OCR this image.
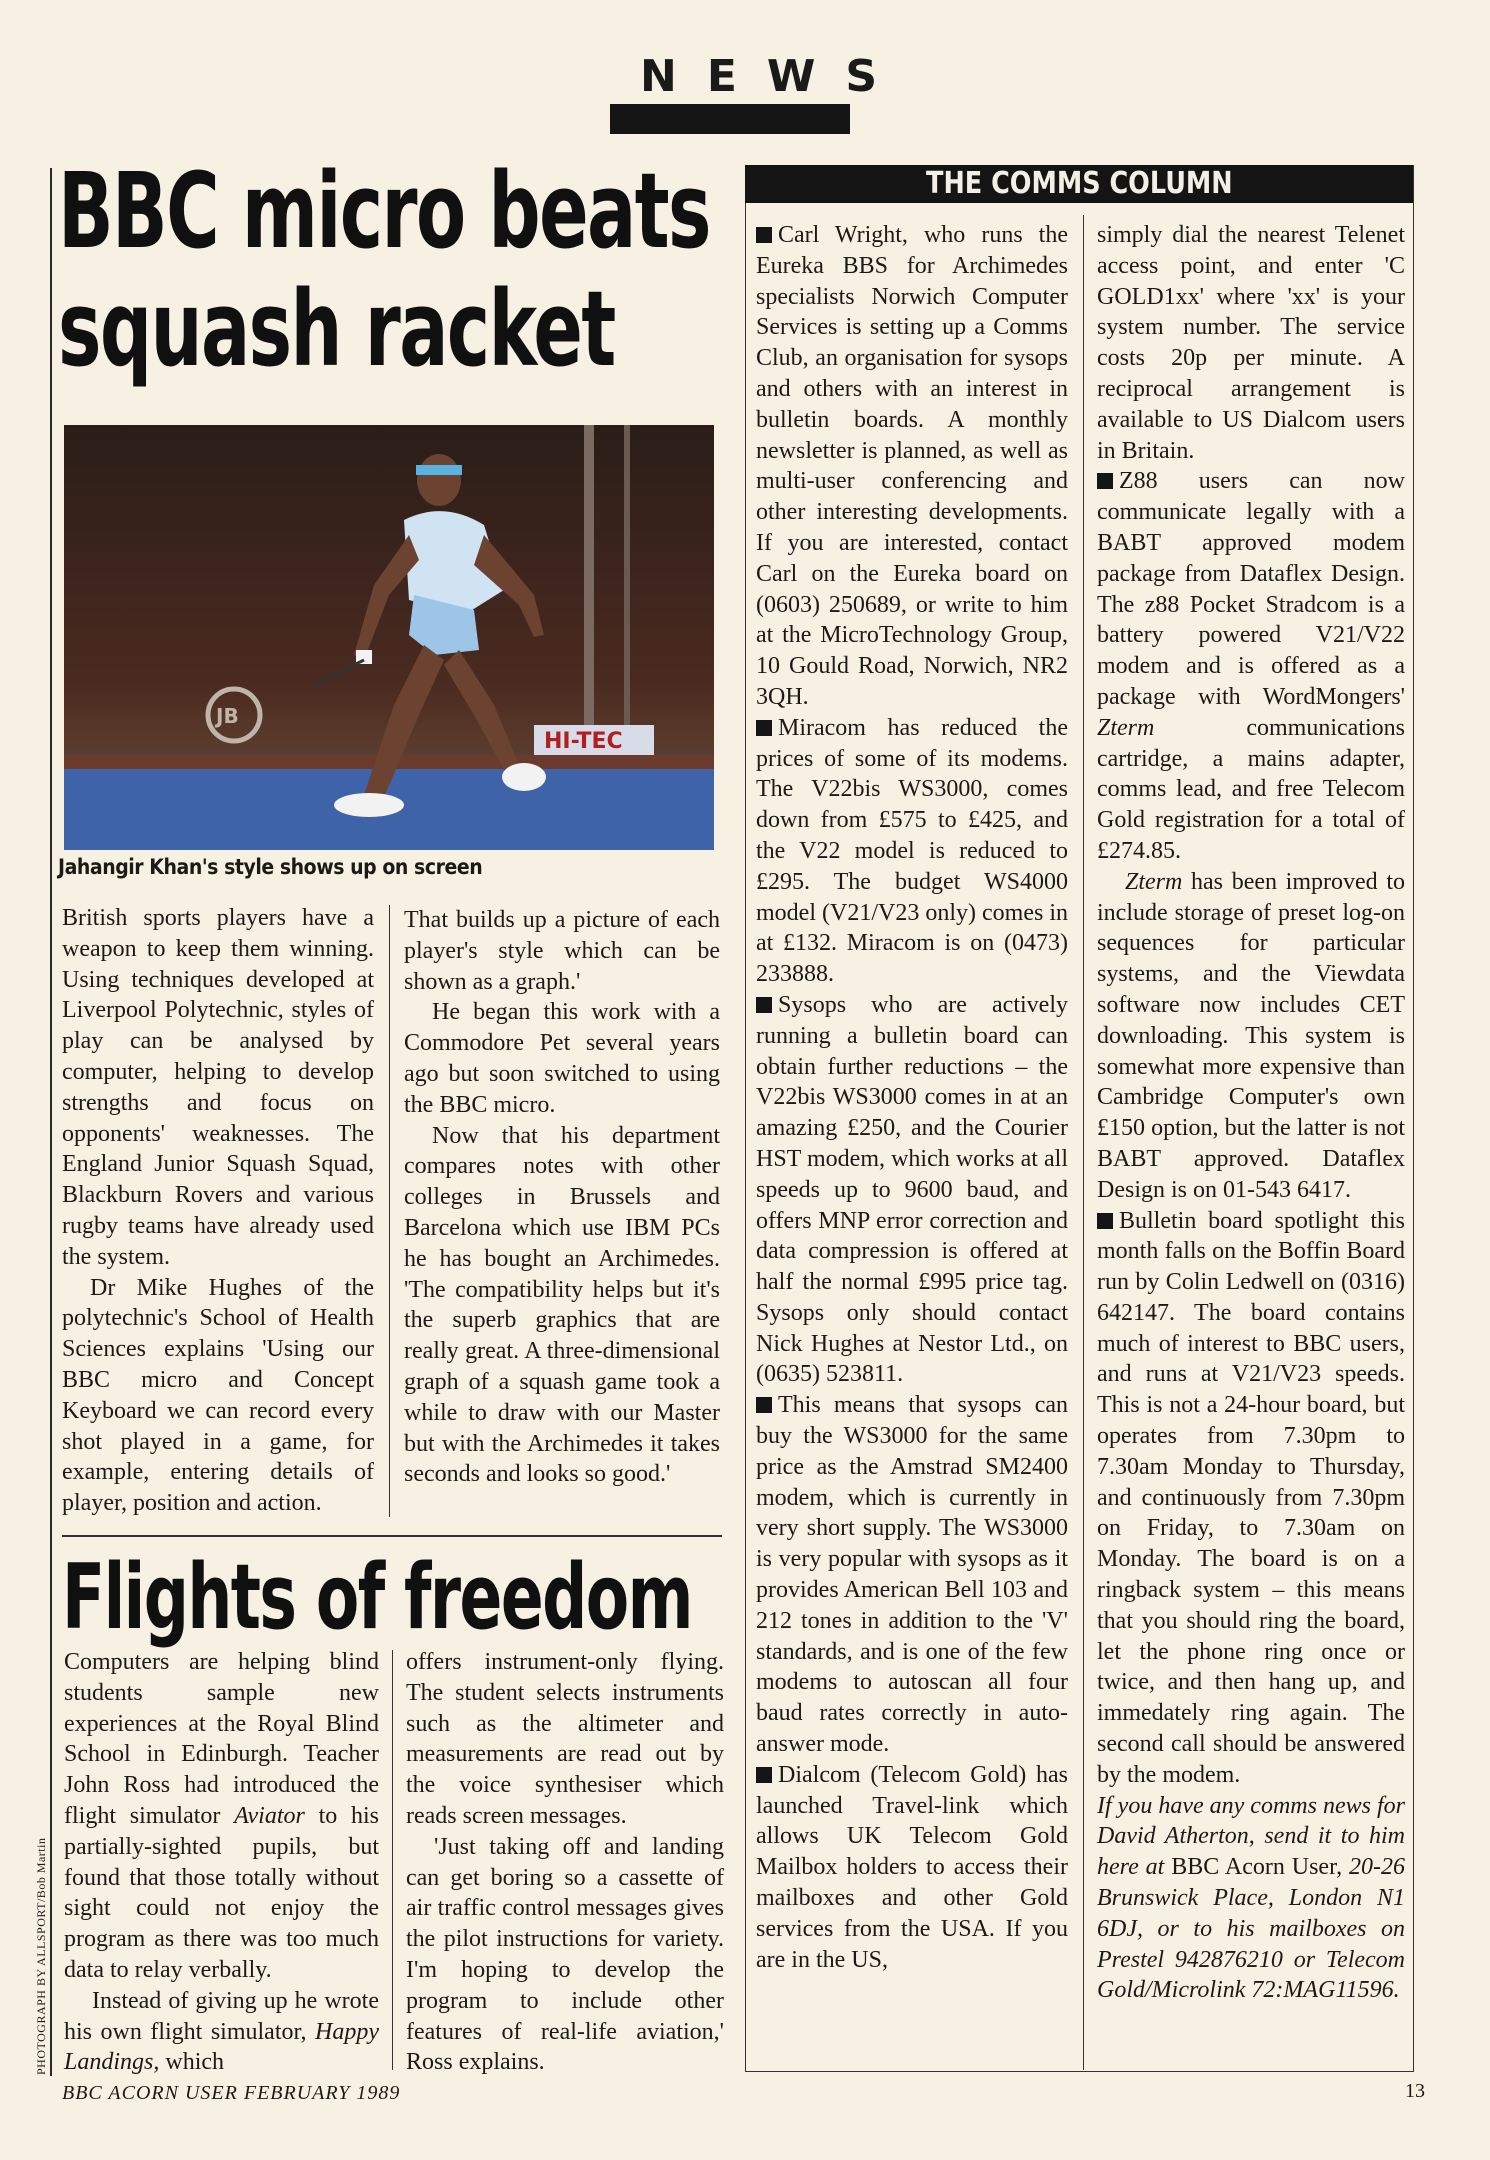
NEWS
BBC micro beats squash racket
HI-TEC
JB
Jahangir Khan's style shows up on screen

British sports players have a weapon to keep them winning. Using techniques developed at Liverpool Polytechnic, styles of play can be analysed by computer, helping to develop strengths and focus on opponents' weaknesses. The England Junior Squash Squad, Blackburn Rovers and various rugby teams have already used the system.

Dr Mike Hughes of the polytechnic's School of Health Sciences explains 'Using our BBC micro and Concept Keyboard we can record every shot played in a game, for example, entering details of player, position and action.

That builds up a picture of each player's style which can be shown as a graph.'

He began this work with a Commodore Pet several years ago but soon switched to using the BBC micro.

Now that his department compares notes with other colleges in Brussels and Barcelona which use IBM PCs he has bought an Archimedes. 'The compatibility helps but it's the superb graphics that are really great. A three-dimensional graph of a squash game took a while to draw with our Master but with the Archimedes it takes seconds and looks so good.'

Flights of freedom

Computers are helping blind students sample new experiences at the Royal Blind School in Edinburgh. Teacher John Ross had introduced the flight simulator Aviator to his partially-sighted pupils, but found that those totally without sight could not enjoy the program as there was too much data to relay verbally.

Instead of giving up he wrote his own flight simulator, Happy Landings, which

offers instrument-only flying. The student selects instruments such as the altimeter and measurements are read out by the voice synthesiser which reads screen messages.

'Just taking off and landing can get boring so a cassette of air traffic control messages gives the pilot instructions for variety. I'm hoping to develop the program to include other features of real-life aviation,' Ross explains.

THE COMMS COLUMN

Carl Wright, who runs the Eureka BBS for Archimedes specialists Norwich Computer Services is setting up a Comms Club, an organisation for sysops and others with an interest in bulletin boards. A monthly newsletter is planned, as well as multi-user conferencing and other interesting developments. If you are interested, contact Carl on the Eureka board on (0603) 250689, or write to him at the MicroTechnology Group, 10 Gould Road, Norwich, NR2 3QH.

Miracom has reduced the prices of some of its modems. The V22bis WS3000, comes down from £575 to £425, and the V22 model is reduced to £295. The budget WS4000 model (V21/V23 only) comes in at £132. Miracom is on (0473) 233888.

Sysops who are actively running a bulletin board can obtain further reductions – the V22bis WS3000 comes in at an amazing £250, and the Courier HST modem, which works at all speeds up to 9600 baud, and offers MNP error correction and data compression is offered at half the normal £995 price tag. Sysops only should contact Nick Hughes at Nestor Ltd., on (0635) 523811.

This means that sysops can buy the WS3000 for the same price as the Amstrad SM2400 modem, which is currently in very short supply. The WS3000 is very popular with sysops as it provides American Bell 103 and 212 tones in addition to the 'V' standards, and is one of the few modems to autoscan all four baud rates correctly in auto-answer mode.

Dialcom (Telecom Gold) has launched Travel-link which allows UK Telecom Gold Mailbox holders to access their mailboxes and other Gold services from the USA. If you are in the US,

simply dial the nearest Telenet access point, and enter 'C GOLD1xx' where 'xx' is your system number. The service costs 20p per minute. A reciprocal arrangement is available to US Dialcom users in Britain.

Z88 users can now communicate legally with a BABT approved modem package from Dataflex Design. The z88 Pocket Stradcom is a battery powered V21/V22 modem and is offered as a package with WordMongers' Zterm communications cartridge, a mains adapter, comms lead, and free Telecom Gold registration for a total of £274.85.

Zterm has been improved to include storage of preset log-on sequences for particular systems, and the Viewdata software now includes CET downloading. This system is somewhat more expensive than Cambridge Computer's own £150 option, but the latter is not BABT approved. Dataflex Design is on 01-543 6417.

Bulletin board spotlight this month falls on the Boffin Board run by Colin Ledwell on (0316) 642147. The board contains much of interest to BBC users, and runs at V21/V23 speeds. This is not a 24-hour board, but operates from 7.30pm to 7.30am Monday to Thursday, and continuously from 7.30pm on Friday, to 7.30am on Monday. The board is on a ringback system – this means that you should ring the board, let the phone ring once or twice, and then hang up, and immedately ring again. The second call should be answered by the modem.

If you have any comms news for David Atherton, send it to him here at BBC Acorn User, 20-26 Brunswick Place, London N1 6DJ, or to his mailboxes on Prestel 942876210 or Telecom Gold/Microlink 72:MAG11596.

PHOTOGRAPH BY ALLSPORT/Bob Martin
BBC ACORN USER FEBRUARY 1989	13
